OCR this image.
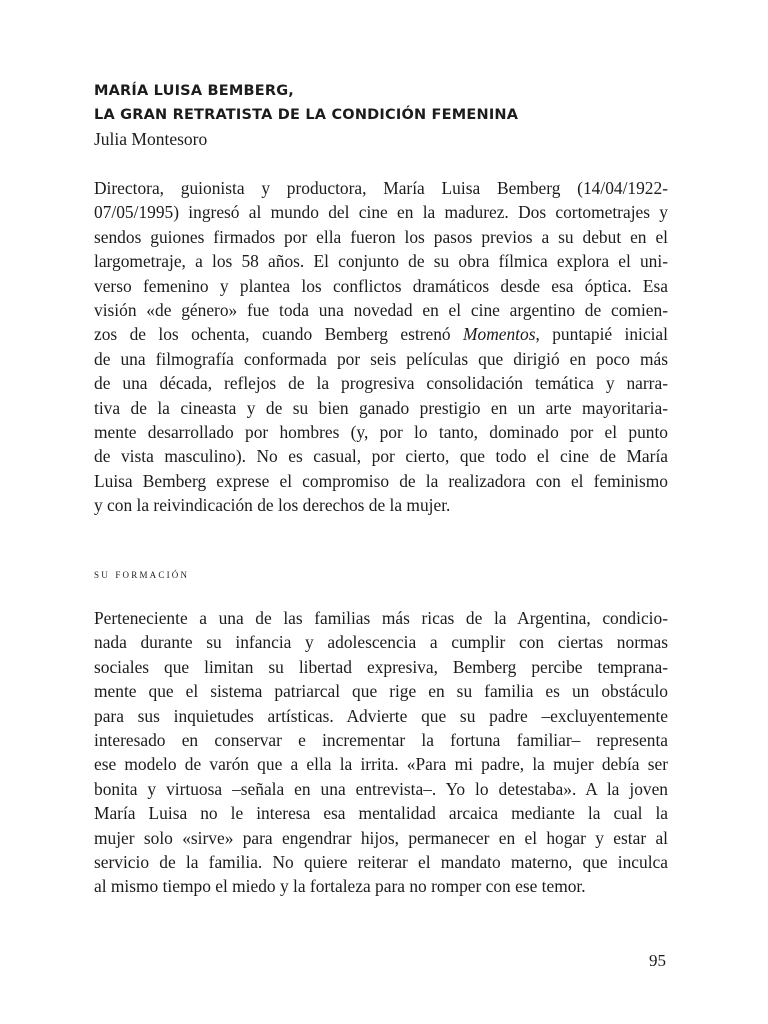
MARÍA LUISA BEMBERG,
LA GRAN RETRATISTA DE LA CONDICIÓN FEMENINA
Julia Montesoro
Directora, guionista y productora, María Luisa Bemberg (14/04/1922-
07/05/1995) ingresó al mundo del cine en la madurez. Dos cortometrajes y
sendos guiones firmados por ella fueron los pasos previos a su debut en el
largometraje, a los 58 años. El conjunto de su obra fílmica explora el uni-
verso femenino y plantea los conflictos dramáticos desde esa óptica. Esa
visión «de género» fue toda una novedad en el cine argentino de comien-
zos de los ochenta, cuando Bemberg estrenó Momentos, puntapié inicial
de una filmografía conformada por seis películas que dirigió en poco más
de una década, reflejos de la progresiva consolidación temática y narra-
tiva de la cineasta y de su bien ganado prestigio en un arte mayoritaria-
mente desarrollado por hombres (y, por lo tanto, dominado por el punto
de vista masculino). No es casual, por cierto, que todo el cine de María
Luisa Bemberg exprese el compromiso de la realizadora con el feminismo
y con la reivindicación de los derechos de la mujer.
su formación
Perteneciente a una de las familias más ricas de la Argentina, condicio-
nada durante su infancia y adolescencia a cumplir con ciertas normas
sociales que limitan su libertad expresiva, Bemberg percibe temprana-
mente que el sistema patriarcal que rige en su familia es un obstáculo
para sus inquietudes artísticas. Advierte que su padre –excluyentemente
interesado en conservar e incrementar la fortuna familiar– representa
ese modelo de varón que a ella la irrita. «Para mi padre, la mujer debía ser
bonita y virtuosa –señala en una entrevista–. Yo lo detestaba». A la joven
María Luisa no le interesa esa mentalidad arcaica mediante la cual la
mujer solo «sirve» para engendrar hijos, permanecer en el hogar y estar al
servicio de la familia. No quiere reiterar el mandato materno, que inculca
al mismo tiempo el miedo y la fortaleza para no romper con ese temor.
95
